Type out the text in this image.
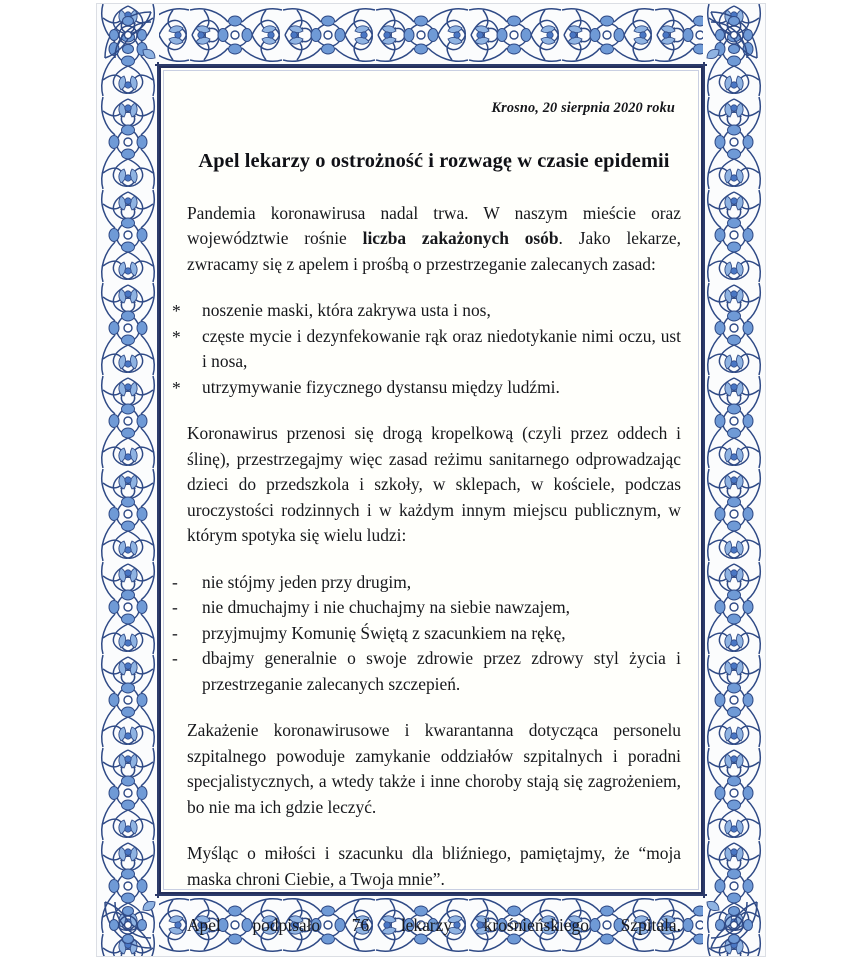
Krosno, 20 sierpnia 2020 roku

Apel lekarzy o ostrożność i rozwagę w czasie epidemii

Pandemia koronawirusa nadal trwa. W naszym mieście oraz województwie rośnie liczba zakażonych osób. Jako lekarze, zwracamy się z apelem i prośbą o przestrzeganie zalecanych zasad:

* noszenie maski, która zakrywa usta i nos,
* częste mycie i dezynfekowanie rąk oraz niedotykanie nimi oczu, ust i nosa,
* utrzymywanie fizycznego dystansu między ludźmi.

Koronawirus przenosi się drogą kropelkową (czyli przez oddech i ślinę), przestrzegajmy więc zasad reżimu sanitarnego odprowadzając dzieci do przedszkola i szkoły, w sklepach, w kościele, podczas uroczystości rodzinnych i w każdym innym miejscu publicznym, w którym spotyka się wielu ludzi:

- nie stójmy jeden przy drugim,
- nie dmuchajmy i nie chuchajmy na siebie nawzajem,
- przyjmujmy Komunię Świętą z szacunkiem na rękę,
- dbajmy generalnie o swoje zdrowie przez zdrowy styl życia i przestrzeganie zalecanych szczepień.

Zakażenie koronawirusowe i kwarantanna dotycząca personelu szpitalnego powoduje zamykanie oddziałów szpitalnych i poradni specjalistycznych, a wtedy także i inne choroby stają się zagrożeniem, bo nie ma ich gdzie leczyć.

Myśląc o miłości i szacunku dla bliźniego, pamiętajmy, że “moja maska chroni Ciebie, a Twoja mnie”.

Apel podpisało 76 lekarzy krośnieńskiego Szpitala.
